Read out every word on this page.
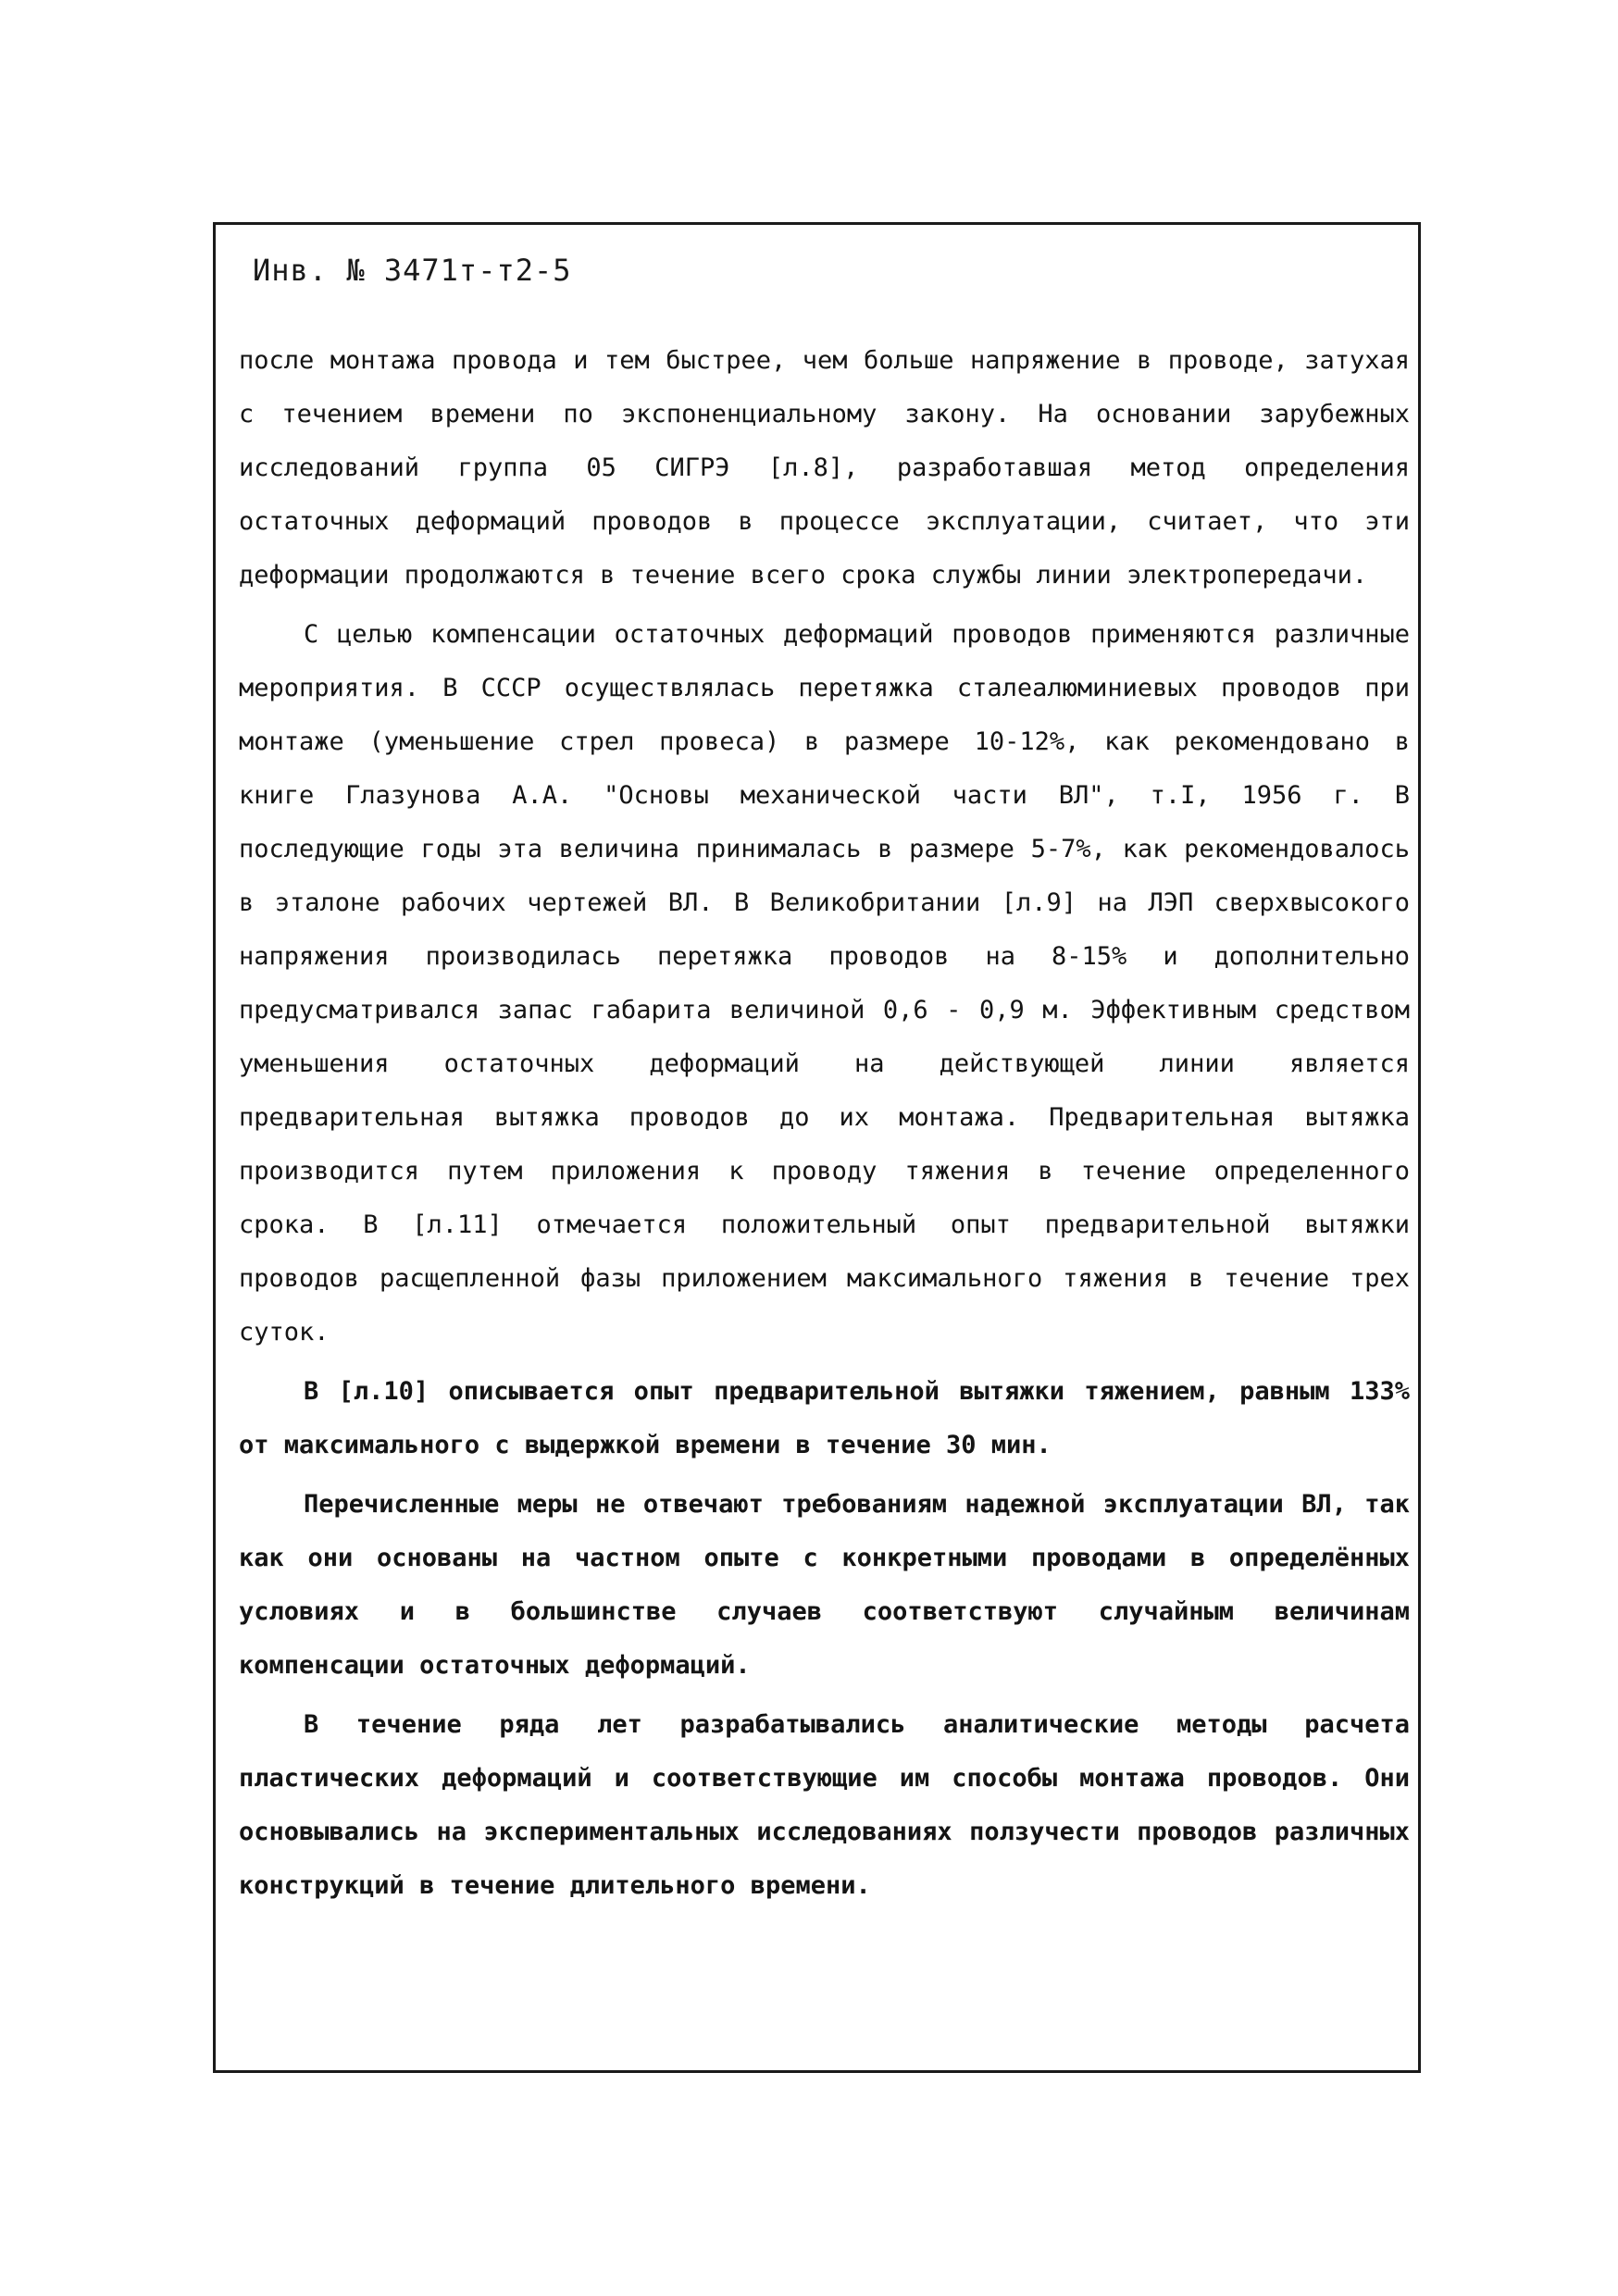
Инв. № 3471т-т2-5

после монтажа провода и тем быстрее, чем больше напряжение в проводе, затухая с течением времени по экспоненциальному закону. На основании зарубежных исследований группа 05 СИГРЭ [л.8], разработавшая метод определения остаточных деформаций проводов в процессе эксплуатации, считает, что эти деформации продолжаются в течение всего срока службы линии электропередачи.

С целью компенсации остаточных деформаций проводов применяются различные мероприятия. В СССР осуществлялась перетяжка сталеалюминиевых проводов при монтаже (уменьшение стрел провеса) в размере 10-12%, как рекомендовано в книге Глазунова А.А. "Основы механической части ВЛ", т.I, 1956 г. В последующие годы эта величина принималась в размере 5-7%, как рекомендовалось в эталоне рабочих чертежей ВЛ. В Великобритании [л.9] на ЛЭП сверхвысокого напряжения производилась перетяжка проводов на 8-15% и дополнительно предусматривался запас габарита величиной 0,6 - 0,9 м. Эффективным средством уменьшения остаточных деформаций на действующей линии является предварительная вытяжка проводов до их монтажа. Предварительная вытяжка производится путем приложения к проводу тяжения в течение определенного срока. В [л.11] отмечается положительный опыт предварительной вытяжки проводов расщепленной фазы приложением максимального тяжения в течение трех суток.

В [л.10] описывается опыт предварительной вытяжки тяжением, равным 133% от максимального с выдержкой времени в течение 30 мин.

Перечисленные меры не отвечают требованиям надежной эксплуатации ВЛ, так как они основаны на частном опыте с конкретными проводами в определённых условиях и в большинстве случаев соответствуют случайным величинам компенсации остаточных деформаций.

В течение ряда лет разрабатывались аналитические методы расчета пластических деформаций и соответствующие им способы монтажа проводов. Они основывались на экспериментальных исследованиях ползучести проводов различных конструкций в течение длительного времени.
